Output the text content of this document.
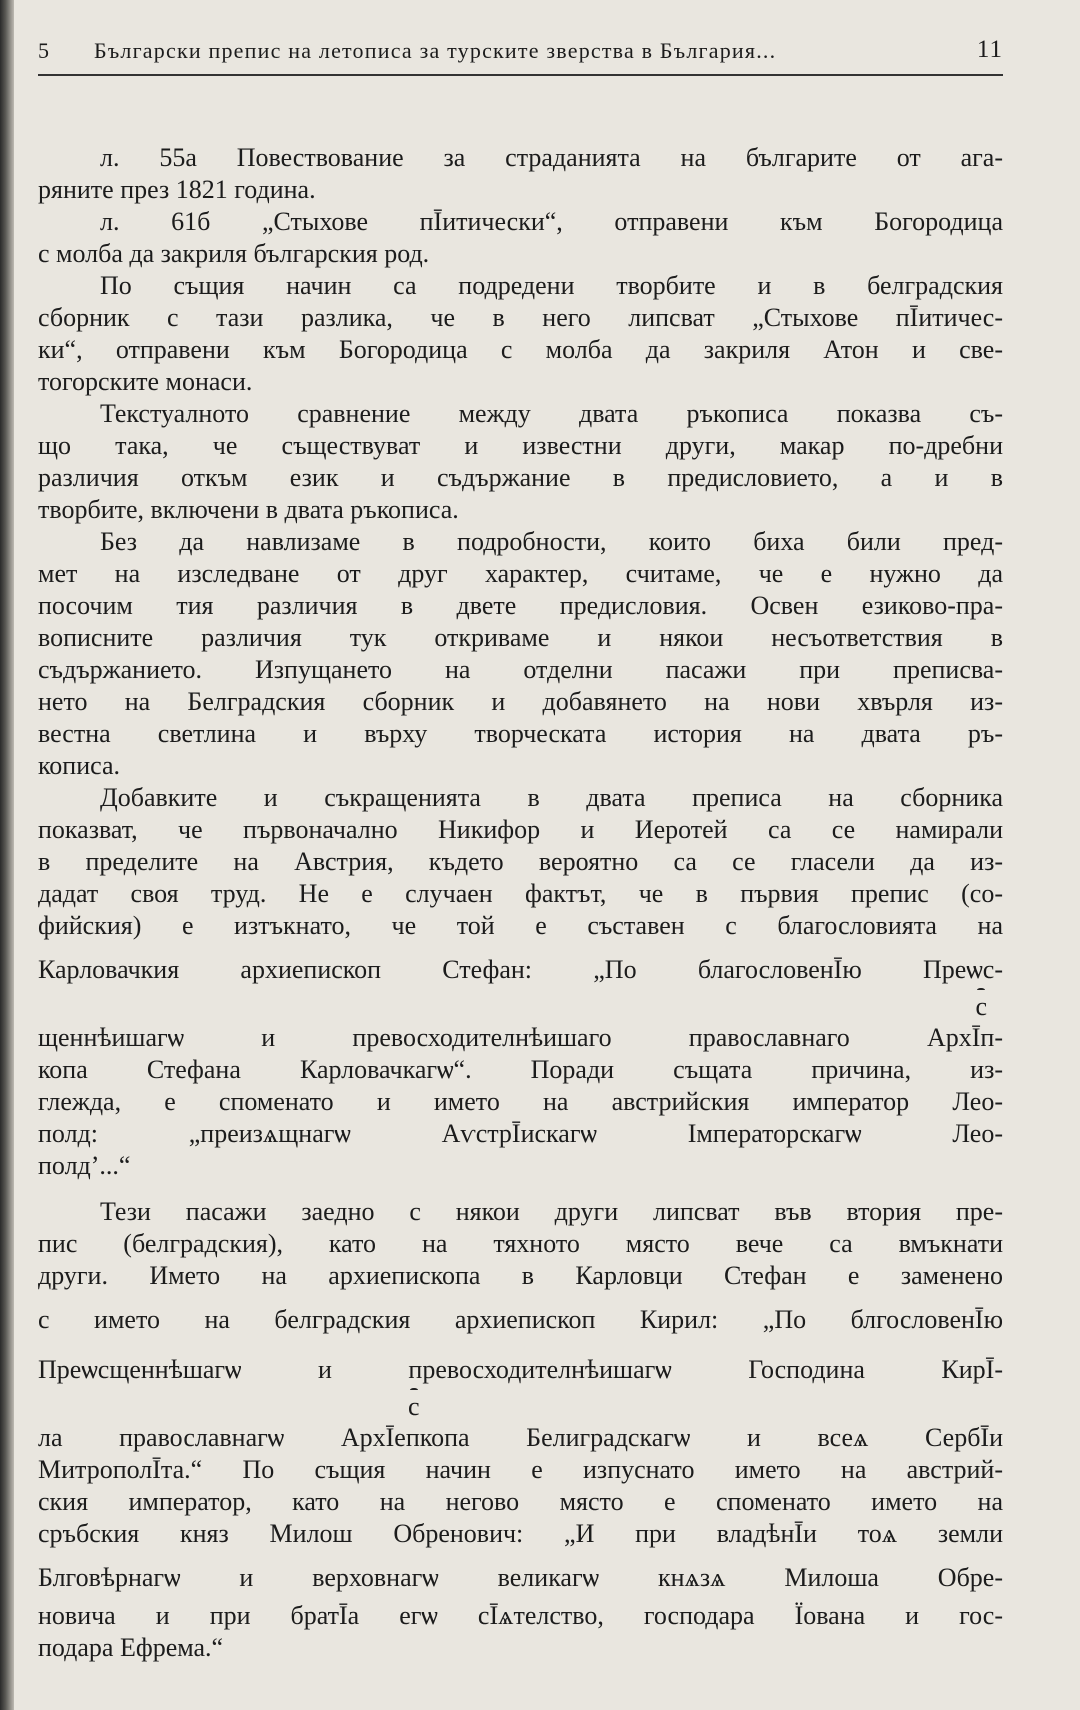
5 Български препис на летописа за турските зверства в България...	11
л. 55а Повествование за страданията на българите от ага-
ряните през 1821 година.
л. 61б „Стыхове пĪитически“, отправени към Богородица
с молба да закриля българския род.
По същия начин са подредени творбите и в белградския
сборник с тази разлика, че в него липсват „Стыхове пĪитичес-
ки“, отправени към Богородица с молба да закриля Атон и све-
тогорските монаси.
Текстуалното сравнение между двата ръкописа показва съ-
що така, че съществуват и известни други, макар по-дребни
различия откъм език и съдържание в предисловието, а и в
творбите, включени в двата ръкописа.
Без да навлизаме в подробности, които биха били пред-
мет на изследване от друг характер, считаме, че е нужно да
посочим тия различия в двете предисловия. Освен езиково-пра-
вописните различия тук откриваме и някои несъответствия в
съдържанието. Изпущането на отделни пасажи при преписва-
нето на Белградския сборник и добавянето на нови хвърля из-
вестна светлина и върху творческата история на двата ръ-
кописа.
Добавките и съкращенията в двата преписа на сборника
показват, че първоначално Никифор и Иеротей са се намирали
в пределите на Австрия, където вероятно са се гласели да из-
дадат своя труд. Не е случаен фактът, че в първия препис (со-
фийския) е изтъкнато, че той е съставен с благословията на
Карловачкия архиепископ Стефан: „По благословенĪю Преѡс-
с
щеннѣишагѡ и превосходителнѣишаго православнаго АрхĪп-
копа Стефана Карловачкагѡ“. Поради същата причина, из-
глежда, е споменато и името на австрийския император Лео-
полд: „преизѧщнагѡ АѵстрĪискагѡ Імператорскагѡ Лео-
полд’...“
Тези пасажи заедно с някои други липсват във втория пре-
пис (белградския), като на тяхното място вече са вмъкнати
други. Името на архиепископа в Карловци Стефан е заменено
с името на белградския архиепископ Кирил: „По блгословенĪю
Преѡсщеннѣшагѡ и превосходителнѣишагѡ Господина КирĪ-
с
ла православнагѡ АрхĪепкопа Белиградскагѡ и всеѧ СербĪи
МитрополĪта.“ По същия начин е изпуснато името на австрий-
ския император, като на негово място е споменато името на
сръбския княз Милош Обренович: „И при владѣнĪи тоѧ земли
Блговѣрнагѡ и верховнагѡ великагѡ кнѧзѧ Милоша Обре-
новича и при братĪа егѡ сĪѧтелство, господара Їована и гос-
подара Ефрема.“
